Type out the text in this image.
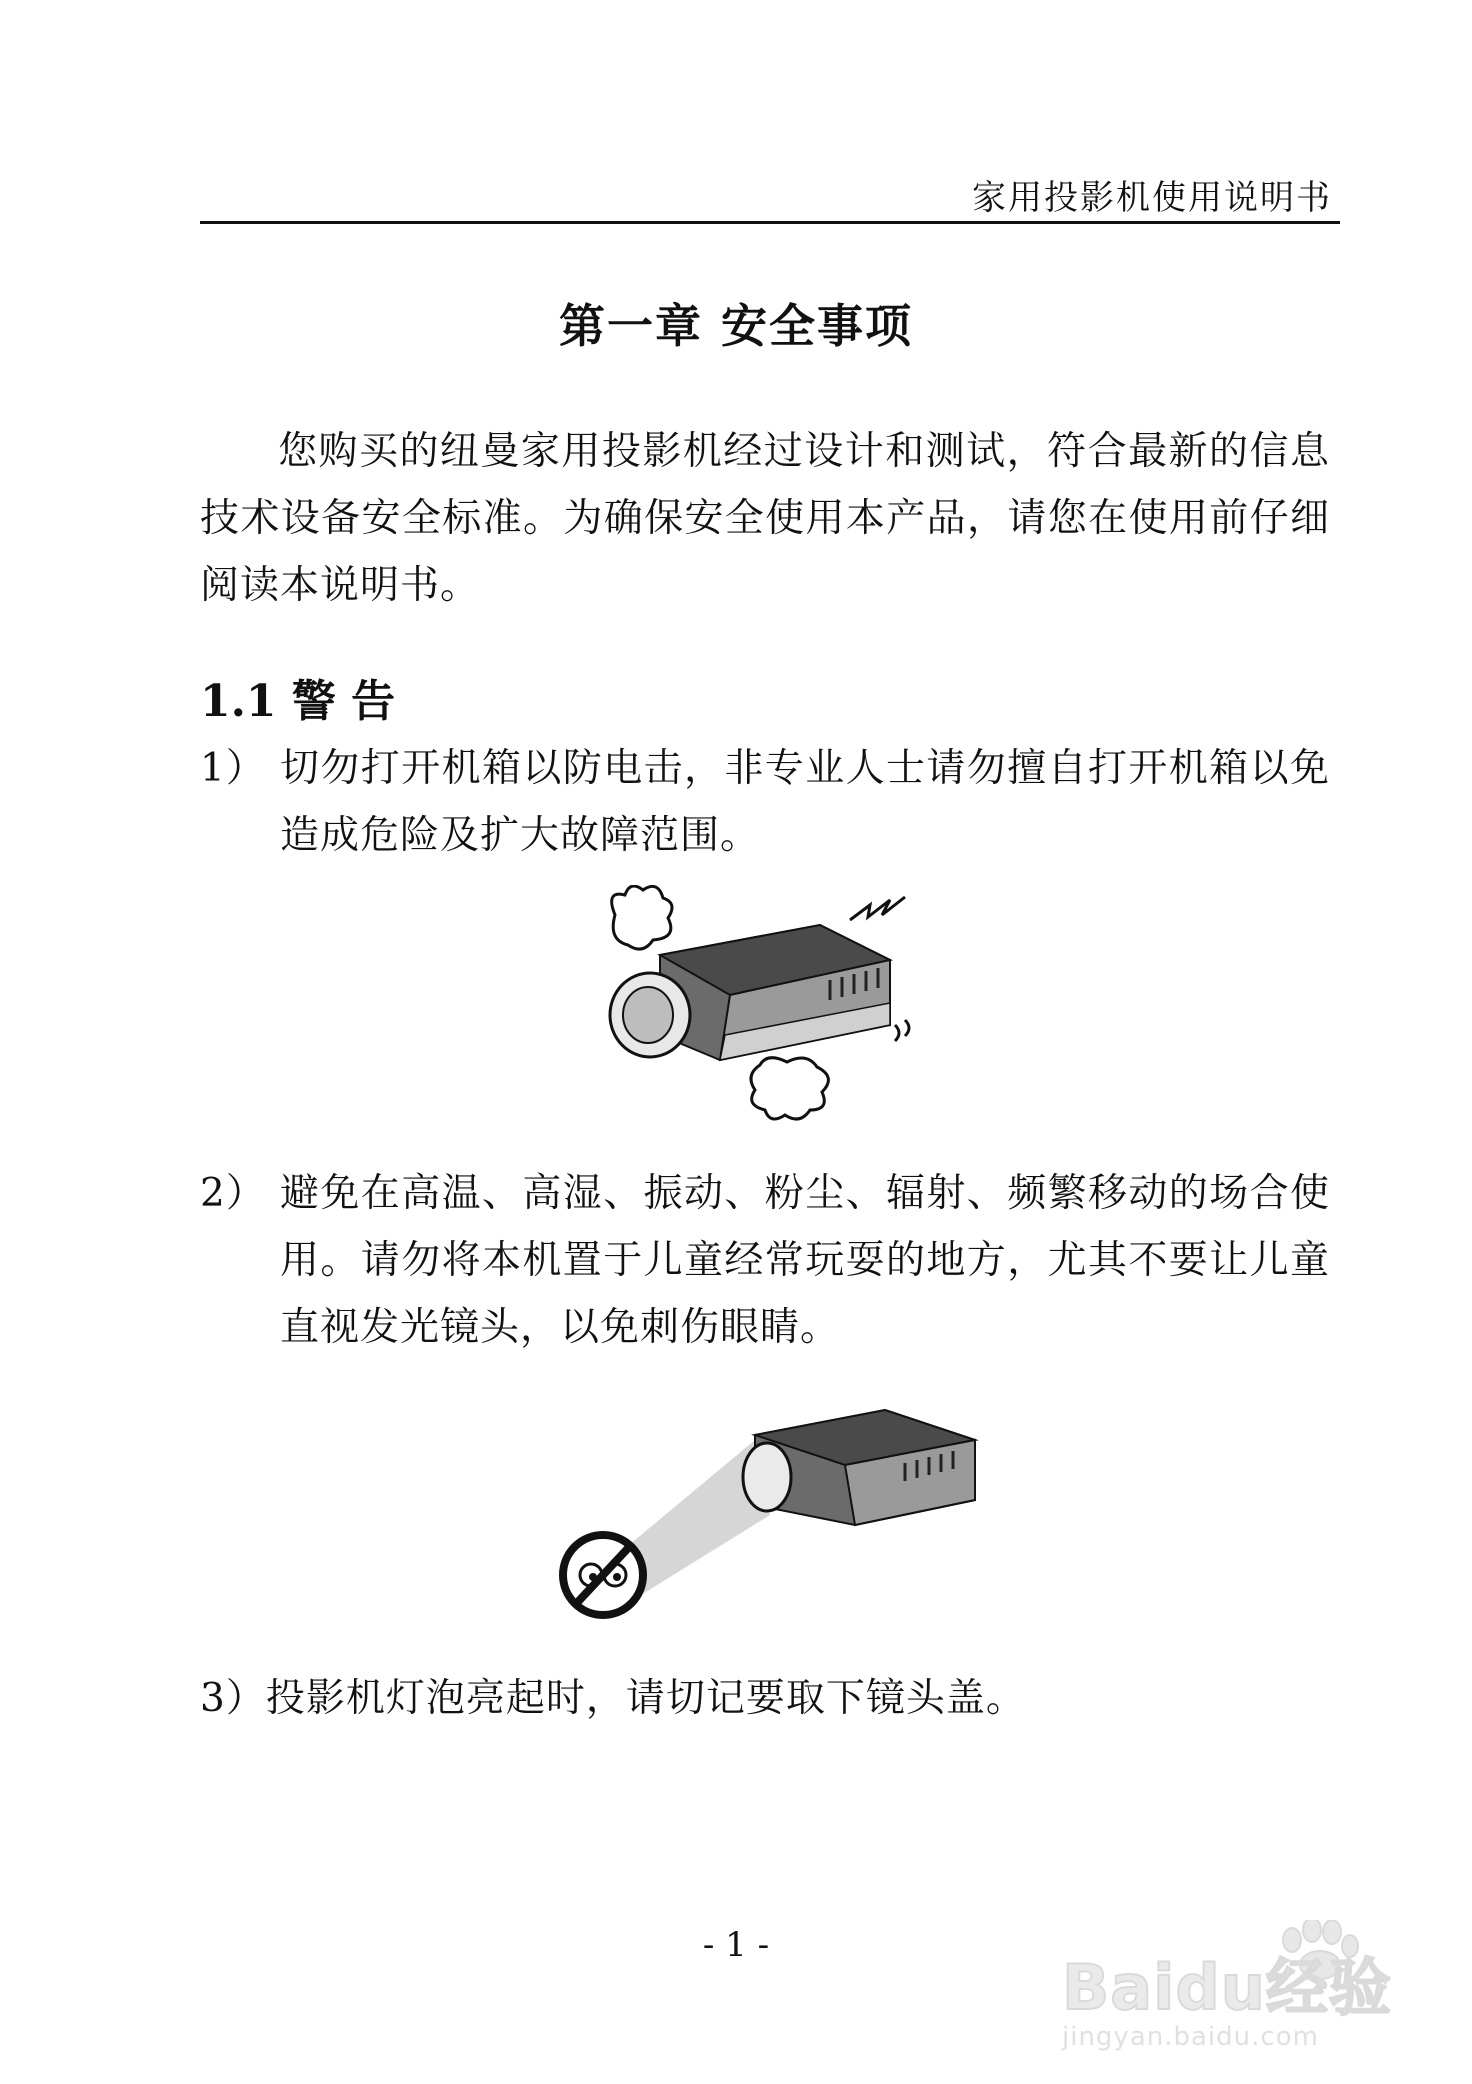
家用投影机使用说明书
第一章 安全事项
您购买的纽曼家用投影机经过设计和测试，符合最新的信息技术设备安全标准。为确保安全使用本产品，请您在使用前仔细阅读本说明书。
1.1 警 告
1） 切勿打开机箱以防电击，非专业人士请勿擅自打开机箱以免造成危险及扩大故障范围。
2） 避免在高温、高湿、振动、粉尘、辐射、频繁移动的场合使用。请勿将本机置于儿童经常玩耍的地方，尤其不要让儿童直视发光镜头，以免刺伤眼睛。
3）投影机灯泡亮起时，请切记要取下镜头盖。
- 1 -
Baidu经验
jingyan.baidu.com
